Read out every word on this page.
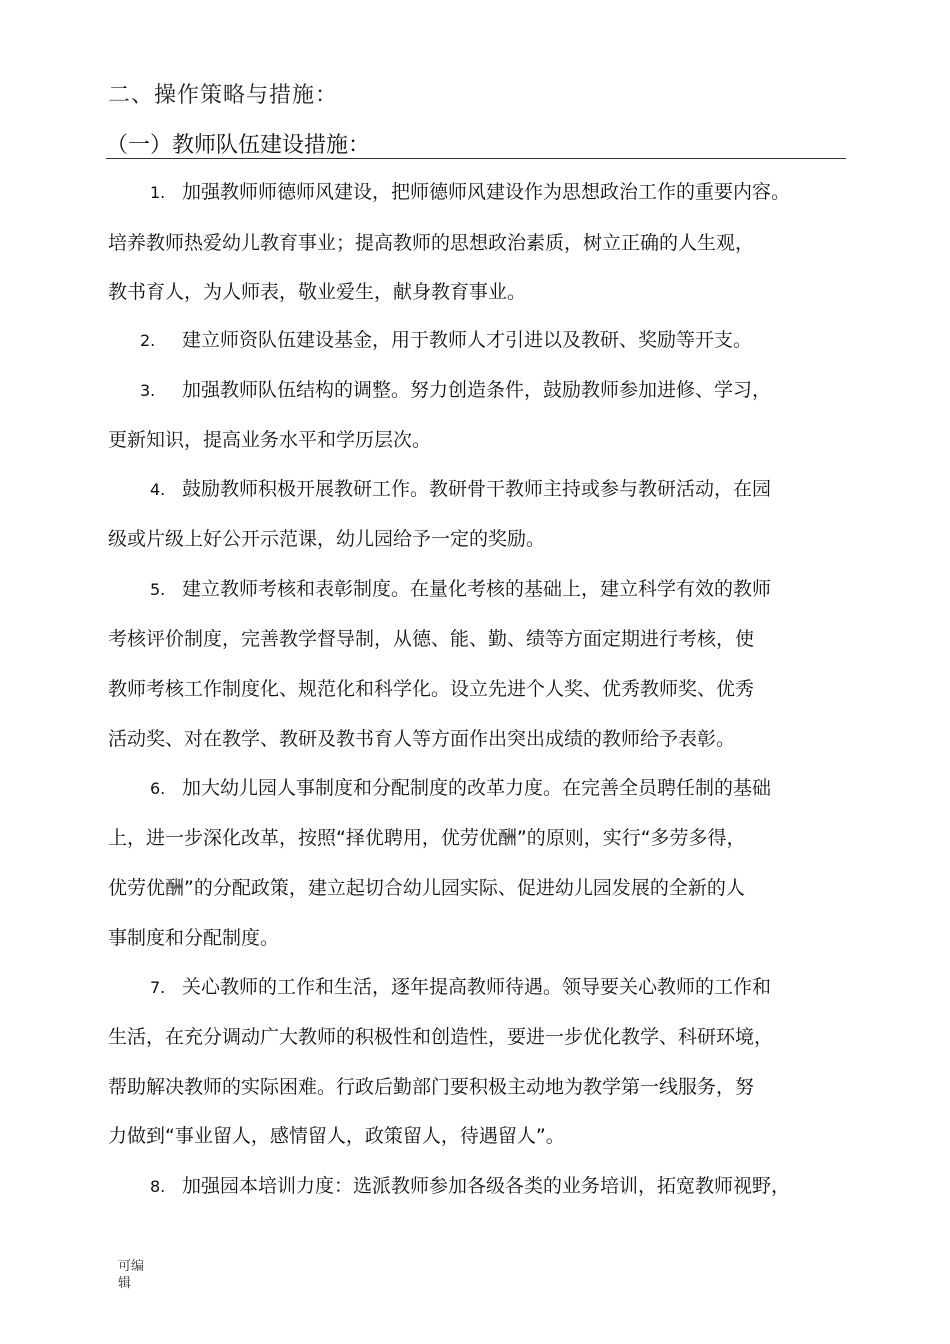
二、操作策略与措施：
（一）教师队伍建设措施：
1. 加强教师师德师风建设，把师德师风建设作为思想政治工作的重要内容。
培养教师热爱幼儿教育事业；提高教师的思想政治素质，树立正确的人生观，
教书育人，为人师表，敬业爱生，献身教育事业。
2. 建立师资队伍建设基金，用于教师人才引进以及教研、奖励等开支。
3. 加强教师队伍结构的调整。努力创造条件，鼓励教师参加进修、学习，
更新知识，提高业务水平和学历层次。
4. 鼓励教师积极开展教研工作。教研骨干教师主持或参与教研活动，在园
级或片级上好公开示范课，幼儿园给予一定的奖励。
5. 建立教师考核和表彰制度。在量化考核的基础上，建立科学有效的教师
考核评价制度，完善教学督导制，从德、能、勤、绩等方面定期进行考核，使
教师考核工作制度化、规范化和科学化。设立先进个人奖、优秀教师奖、优秀
活动奖、对在教学、教研及教书育人等方面作出突出成绩的教师给予表彰。
6. 加大幼儿园人事制度和分配制度的改革力度。在完善全员聘任制的基础
上，进一步深化改革，按照“择优聘用，优劳优酬”的原则，实行“多劳多得，
优劳优酬”的分配政策，建立起切合幼儿园实际、促进幼儿园发展的全新的人
事制度和分配制度。
7. 关心教师的工作和生活，逐年提高教师待遇。领导要关心教师的工作和
生活，在充分调动广大教师的积极性和创造性，要进一步优化教学、科研环境，
帮助解决教师的实际困难。行政后勤部门要积极主动地为教学第一线服务，努
力做到“事业留人，感情留人，政策留人，待遇留人”。
8. 加强园本培训力度：选派教师参加各级各类的业务培训，拓宽教师视野，
可编辑
